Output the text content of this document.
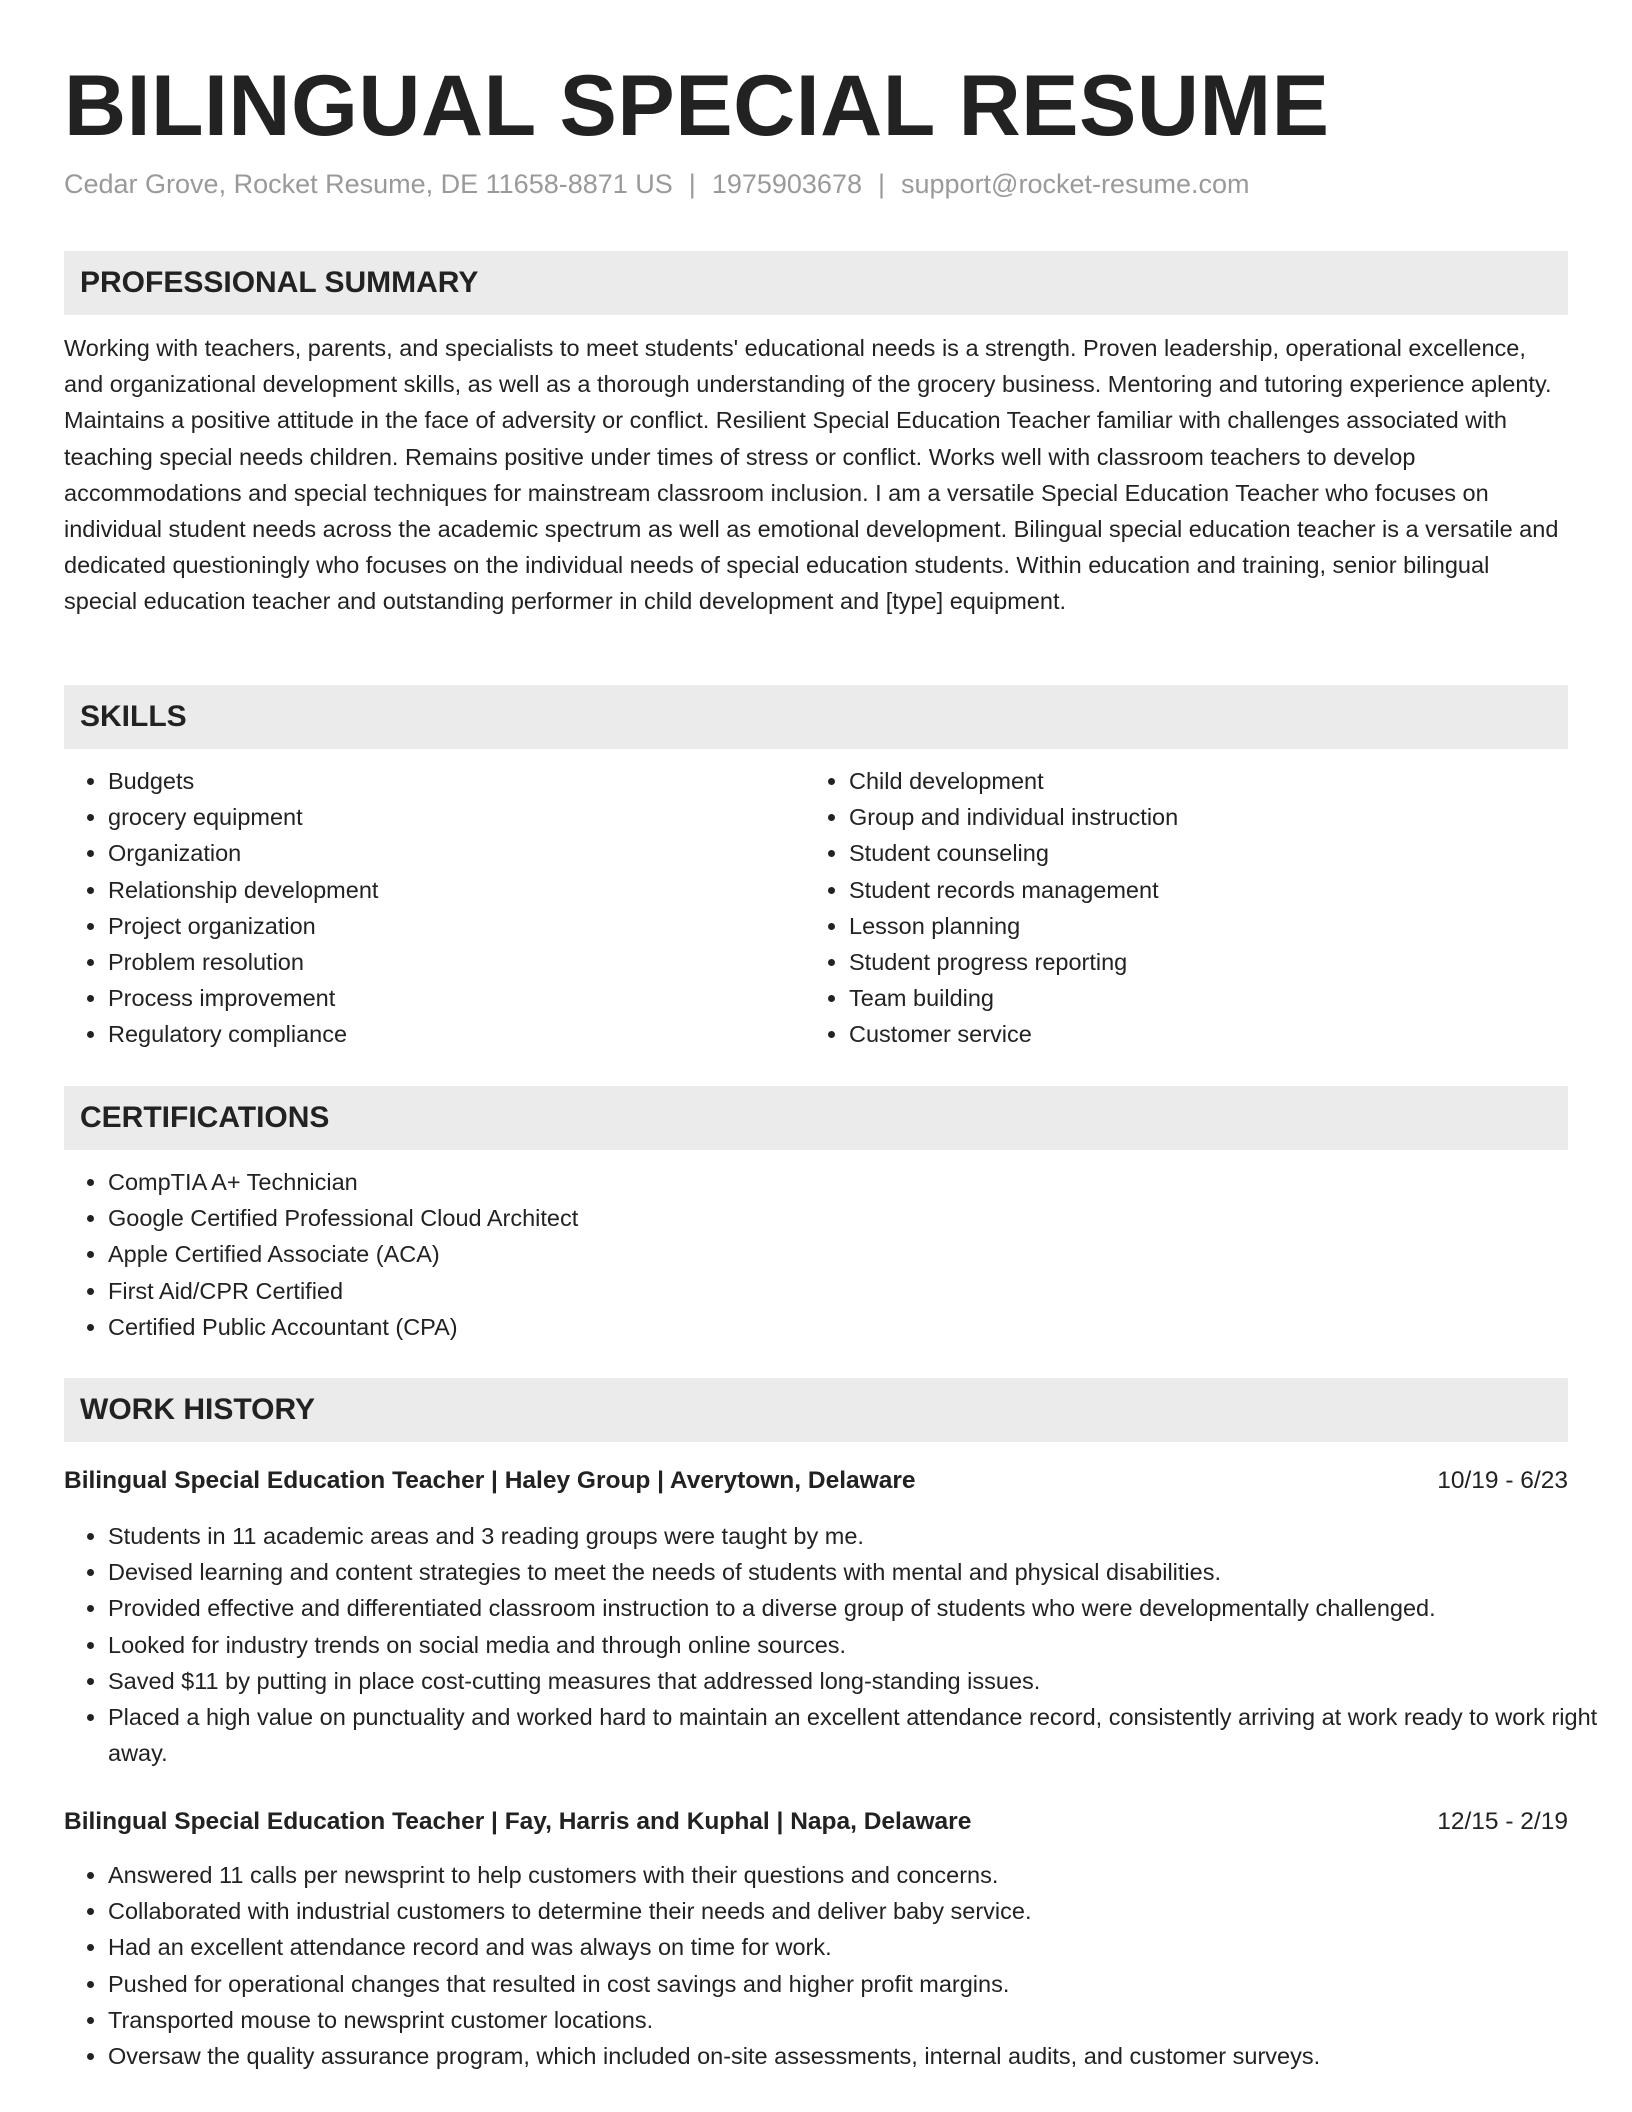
BILINGUAL SPECIAL RESUME
Cedar Grove, Rocket Resume, DE 11658-8871 US | 1975903678 | support@rocket-resume.com
PROFESSIONAL SUMMARY

Working with teachers, parents, and specialists to meet students' educational needs is a strength. Proven leadership, operational excellence, and organizational development skills, as well as a thorough understanding of the grocery business. Mentoring and tutoring experience aplenty. Maintains a positive attitude in the face of adversity or conflict. Resilient Special Education Teacher familiar with challenges associated with teaching special needs children. Remains positive under times of stress or conflict. Works well with classroom teachers to develop accommodations and special techniques for mainstream classroom inclusion. I am a versatile Special Education Teacher who focuses on individual student needs across the academic spectrum as well as emotional development. Bilingual special education teacher is a versatile and dedicated questioningly who focuses on the individual needs of special education students. Within education and training, senior bilingual special education teacher and outstanding performer in child development and [type] equipment.

SKILLS
• Budgets
• grocery equipment
• Organization
• Relationship development
• Project organization
• Problem resolution
• Process improvement
• Regulatory compliance
• Child development
• Group and individual instruction
• Student counseling
• Student records management
• Lesson planning
• Student progress reporting
• Team building
• Customer service
CERTIFICATIONS
• CompTIA A+ Technician
• Google Certified Professional Cloud Architect
• Apple Certified Associate (ACA)
• First Aid/CPR Certified
• Certified Public Accountant (CPA)
WORK HISTORY
Bilingual Special Education Teacher | Haley Group | Averytown, Delaware	10/19 - 6/23
• Students in 11 academic areas and 3 reading groups were taught by me.
• Devised learning and content strategies to meet the needs of students with mental and physical disabilities.
• Provided effective and differentiated classroom instruction to a diverse group of students who were developmentally challenged.
• Looked for industry trends on social media and through online sources.
• Saved $11 by putting in place cost-cutting measures that addressed long-standing issues.
• Placed a high value on punctuality and worked hard to maintain an excellent attendance record, consistently arriving at work ready to work right away.
Bilingual Special Education Teacher | Fay, Harris and Kuphal | Napa, Delaware	12/15 - 2/19
• Answered 11 calls per newsprint to help customers with their questions and concerns.
• Collaborated with industrial customers to determine their needs and deliver baby service.
• Had an excellent attendance record and was always on time for work.
• Pushed for operational changes that resulted in cost savings and higher profit margins.
• Transported mouse to newsprint customer locations.
• Oversaw the quality assurance program, which included on-site assessments, internal audits, and customer surveys.
